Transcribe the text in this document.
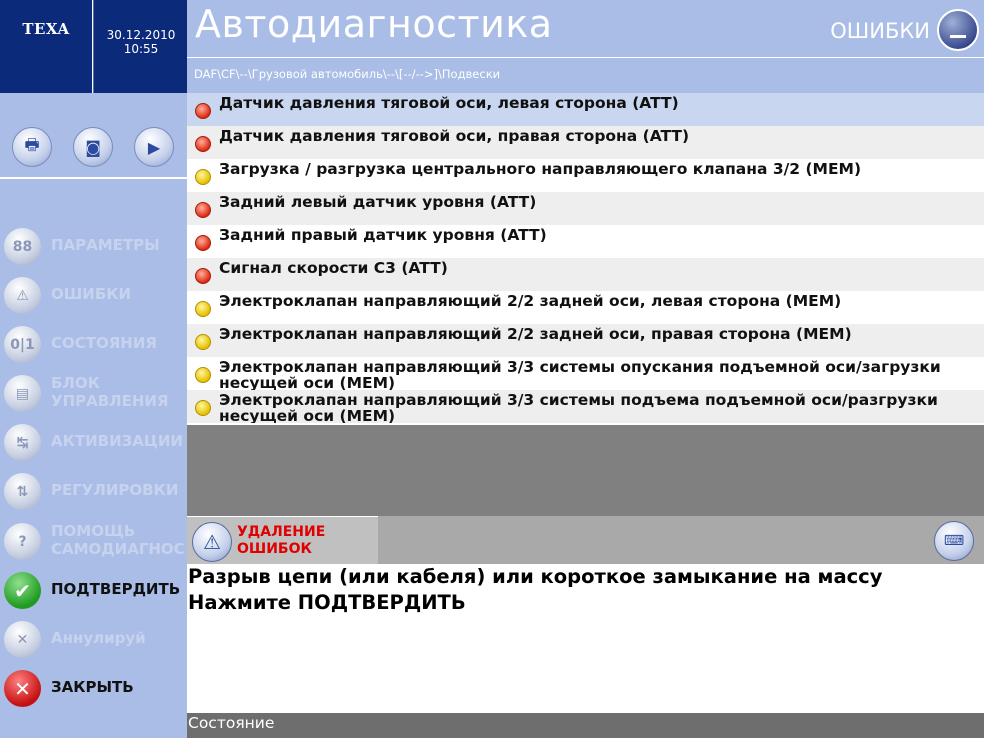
TEXA	30.12.2010
10:55
Автодиагностика	ОШИБКИ
DAF\CF\--\Грузовой автомобиль\--\[--/-->]\Подвески
🖶	◙	▶
88	ПАРАМЕТРЫ
⚠	ОШИБКИ
0|1	СОСТОЯНИЯ
▤
БЛОК
УПРАВЛЕНИЯ
↹	АКТИВИЗАЦИИ
⇅	РЕГУЛИРОВКИ
?
ПОМОЩЬ
САМОДИАГНОС
✔	ПОДТВЕРДИТЬ
✕	Аннулируй
✕	ЗАКРЫТЬ
Датчик давления тяговой оси, левая сторона (ATT)
Датчик давления тяговой оси, правая сторона (ATT)
Загрузка / разгрузка центрального направляющего клапана 3/2 (MEM)
Задний левый датчик уровня (ATT)
Задний правый датчик уровня (ATT)
Сигнал скорости С3 (ATT)
Электроклапан направляющий 2/2 задней оси, левая сторона (MEM)
Электроклапан направляющий 2/2 задней оси, правая сторона (MEM)
Электроклапан направляющий 3/3 системы опускания подъемной оси/загрузки несущей оси (MEM)
Электроклапан направляющий 3/3 системы подъема подъемной оси/разгрузки несущей оси (MEM)
⚠	УДАЛЕНИЕ
ОШИБОК	⌨
Разрыв цепи (или кабеля) или короткое замыкание на массу
Нажмите ПОДТВЕРДИТЬ
Состояние
